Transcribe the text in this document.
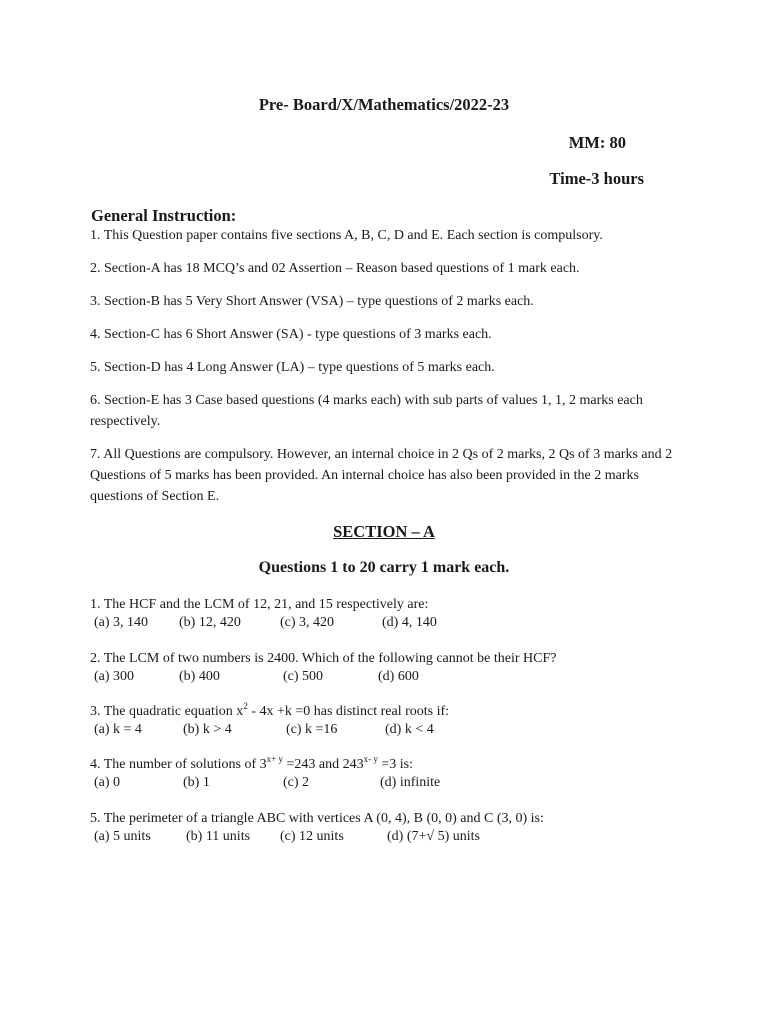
Pre- Board/X/Mathematics/2022-23
MM: 80
Time-3 hours
General Instruction:

1. This Question paper contains five sections A, B, C, D and E. Each section is compulsory.

2. Section-A has 18 MCQ’s and 02 Assertion – Reason based questions of 1 mark each.

3. Section-B has 5 Very Short Answer (VSA) – type questions of 2 marks each.

4. Section-C has 6 Short Answer (SA) - type questions of 3 marks each.

5. Section-D has 4 Long Answer (LA) – type questions of 5 marks each.

6. Section-E has 3 Case based questions (4 marks each) with sub parts of values 1, 1, 2 marks each respectively.

7. All Questions are compulsory. However, an internal choice in 2 Qs of 2 marks, 2 Qs of 3 marks and 2 Questions of 5 marks has been provided. An internal choice has also been provided in the 2 marks questions of Section E.

SECTION – A
Questions 1 to 20 carry 1 mark each.
1. The HCF and the LCM of 12, 21, and 15 respectively are:
(a) 3, 140 (b) 12, 420	(c) 3, 420	(d) 4, 140
2. The LCM of two numbers is 2400. Which of the following cannot be their HCF?
(a) 300	(b) 400	(c) 500	(d) 600
3. The quadratic equation $x^2 - 4x +k =0$ has distinct real roots if:
(a) k = 4	(b) k > 4	(c) k =16	(d) k < 4
4. The number of solutions of $3^{x+ y} =243$ and $243^{x- y} =3$ is:
(a) 0	(b) 1	(c) 2	(d) infinite
5. The perimeter of a triangle ABC with vertices A (0, 4), B (0, 0) and C (3, 0) is:
(a) 5 units	(b) 11 units (c) 12 units	(d) (7+√ 5) units
